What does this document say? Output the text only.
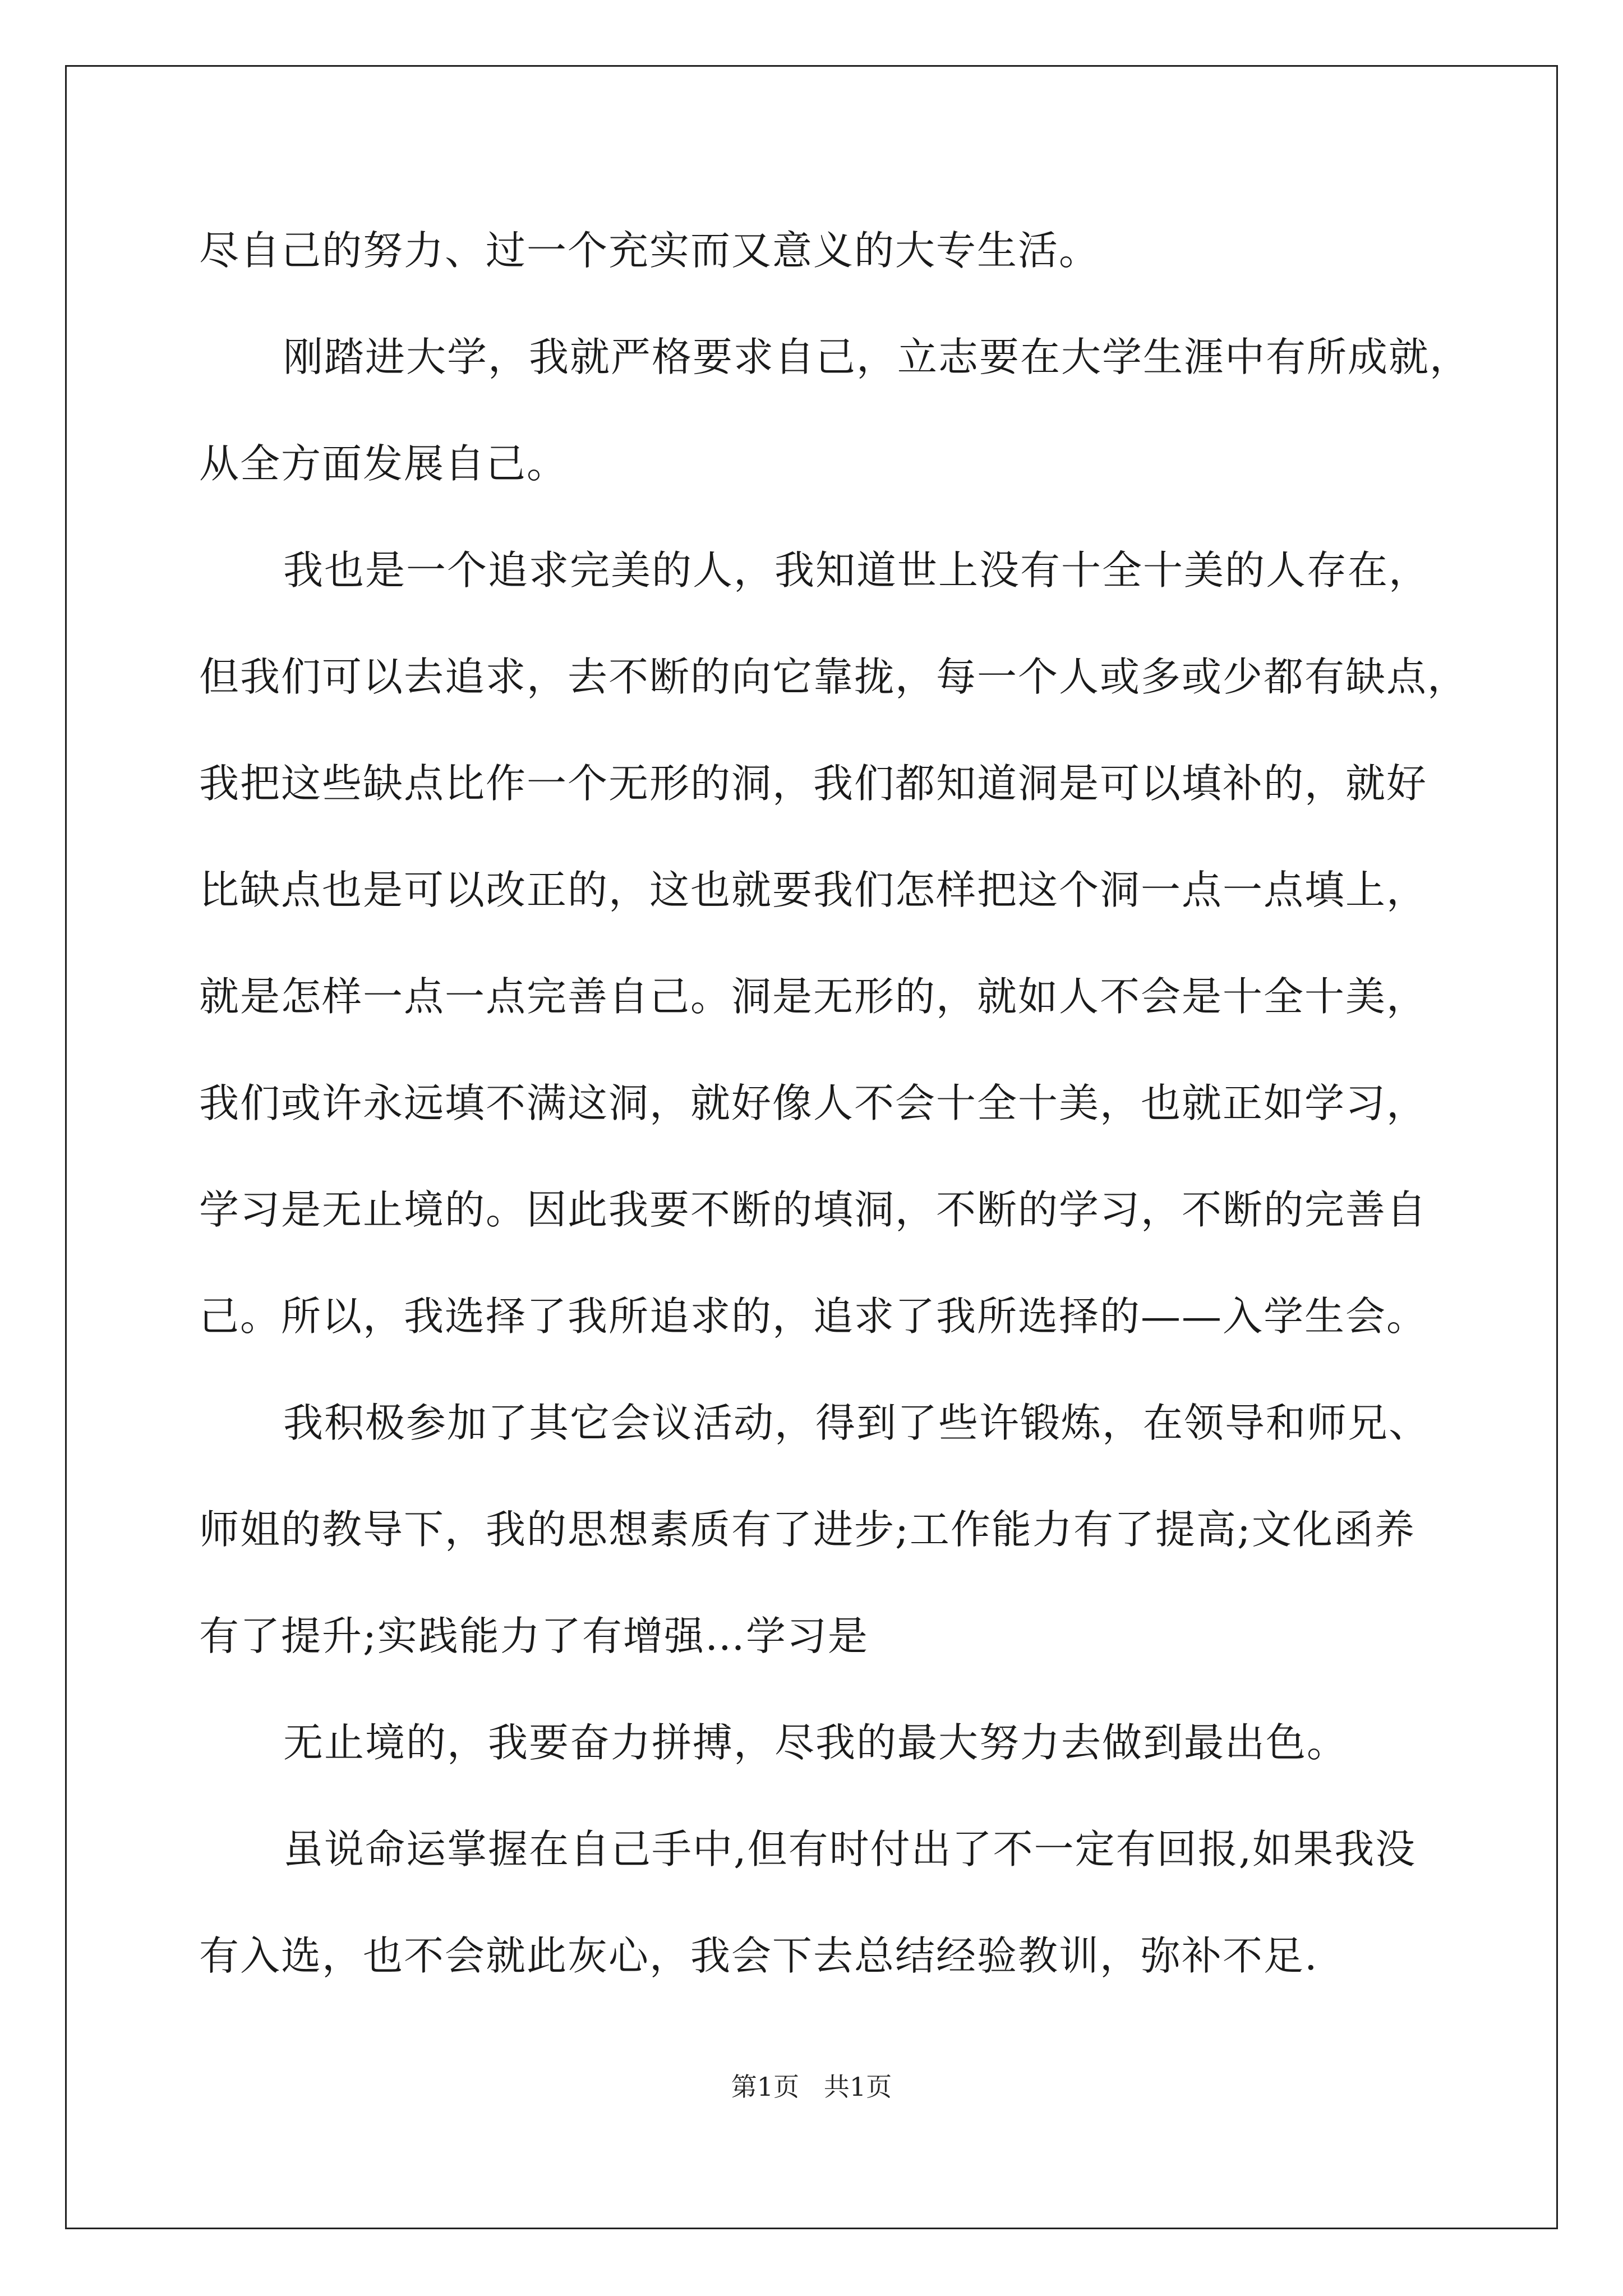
尽自己的努力、过一个充实而又意义的大专生活。
刚踏进大学，我就严格要求自己，立志要在大学生涯中有所成就，
从全方面发展自己。
我也是一个追求完美的人，我知道世上没有十全十美的人存在，
但我们可以去追求，去不断的向它靠拢，每一个人或多或少都有缺点，
我把这些缺点比作一个无形的洞，我们都知道洞是可以填补的，就好
比缺点也是可以改正的，这也就要我们怎样把这个洞一点一点填上，
就是怎样一点一点完善自己。洞是无形的，就如人不会是十全十美，
我们或许永远填不满这洞，就好像人不会十全十美，也就正如学习，
学习是无止境的。因此我要不断的填洞，不断的学习，不断的完善自
己。所以，我选择了我所追求的，追求了我所选择的——入学生会。
我积极参加了其它会议活动，得到了些许锻炼，在领导和师兄、
师姐的教导下，我的思想素质有了进步;工作能力有了提高;文化函养
有了提升;实践能力了有增强…学习是
无止境的，我要奋力拼搏，尽我的最大努力去做到最出色。
虽说命运掌握在自己手中,但有时付出了不一定有回报,如果我没
有入选，也不会就此灰心，我会下去总结经验教训，弥补不足.
第1页   共1页
